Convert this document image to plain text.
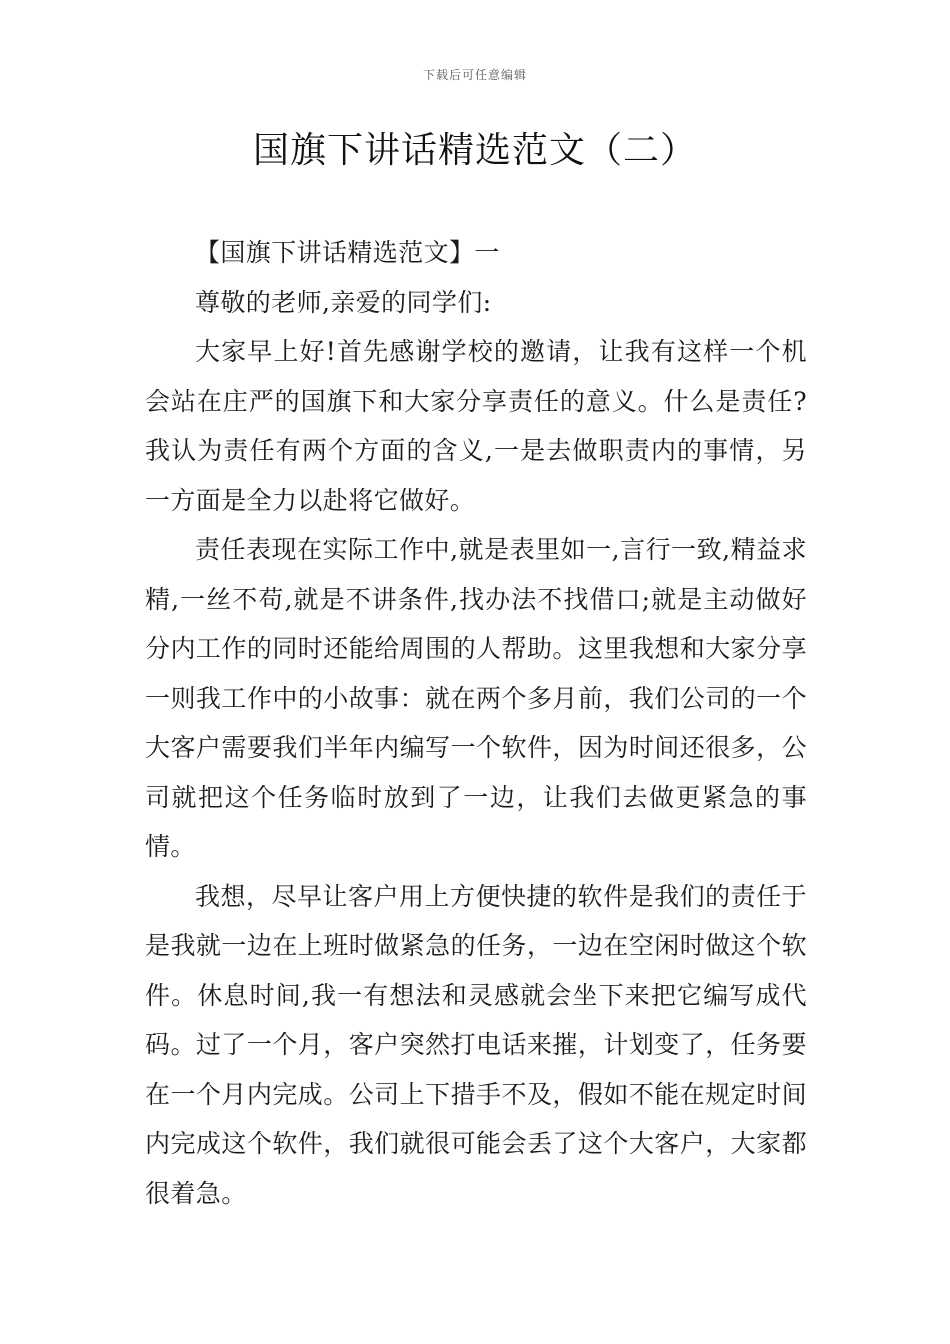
下载后可任意编辑
国旗下讲话精选范文（二）

【国旗下讲话精选范文】一

尊敬的老师,亲爱的同学们:

大家早上好!首先感谢学校的邀请，让我有这样一个机会站在庄严的国旗下和大家分享责任的意义。什么是责任?我认为责任有两个方面的含义,一是去做职责内的事情，另一方面是全力以赴将它做好。

责任表现在实际工作中,就是表里如一,言行一致,精益求精,一丝不苟,就是不讲条件,找办法不找借口;就是主动做好分内工作的同时还能给周围的人帮助。这里我想和大家分享一则我工作中的小故事：就在两个多月前，我们公司的一个大客户需要我们半年内编写一个软件，因为时间还很多，公司就把这个任务临时放到了一边，让我们去做更紧急的事情。

我想，尽早让客户用上方便快捷的软件是我们的责任于是我就一边在上班时做紧急的任务，一边在空闲时做这个软件。休息时间,我一有想法和灵感就会坐下来把它编写成代码。过了一个月，客户突然打电话来摧，计划变了，任务要在一个月内完成。公司上下措手不及，假如不能在规定时间内完成这个软件，我们就很可能会丢了这个大客户，大家都很着急。
